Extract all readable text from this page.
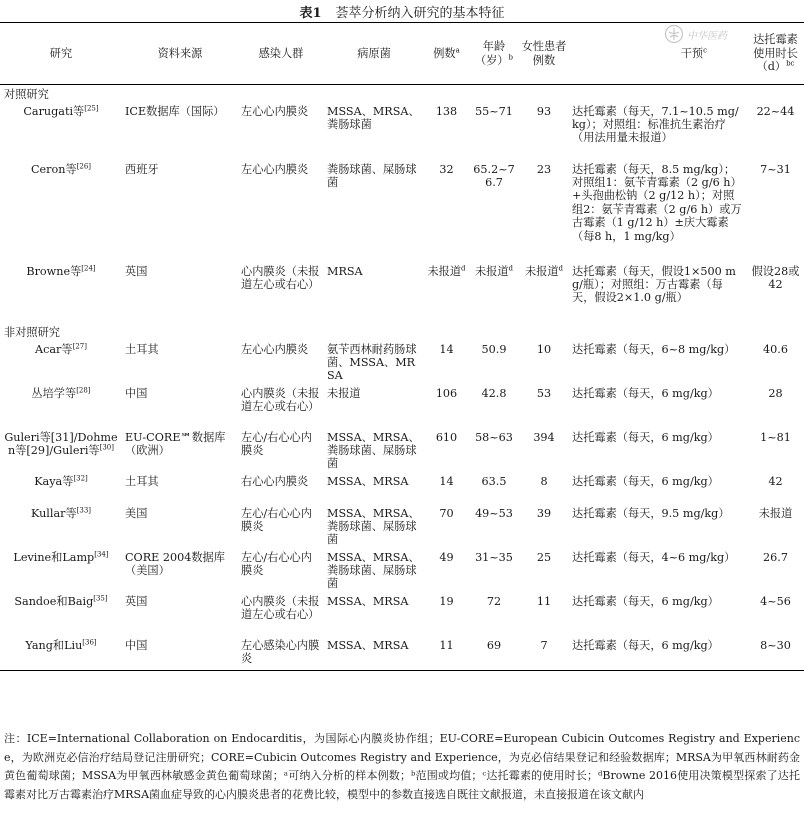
表1 荟萃分析纳入研究的基本特征
中华医药
研究	资料来源	感染人群	病原菌	例数$^a$	年龄（岁）$^b$	女性患者例数	干预$^c$	达托霉素使用时长$(d)^{bc}$
对照研究								
Carugati等[25]	ICE数据库（国际）	左心心内膜炎	MSSA、MRSA、粪肠球菌	138	55~71	93	达托霉素（每天，7.1~10.5 mg/kg）；对照组：标准抗生素治疗（用法用量未报道）	22~44
Ceron等[26]	西班牙	左心心内膜炎	粪肠球菌、屎肠球菌	32	65.2~76.7	23	达托霉素（每天，8.5 mg/kg）；对照组1：氨苄青霉素（2 g/6 h）+头孢曲松钠（2 g/12 h）；对照组2：氨苄青霉素（2 g/6 h）或万古霉素（1 g/12 h）±庆大霉素（每8 h，1 mg/kg）	7~31
Browne等[24]	英国	心内膜炎（未报道左心或右心）	MRSA	未报道$^d$	未报道$^d$	未报道$^d$	达托霉素（每天，假设1×500 mg/瓶）；对照组：万古霉素（每天，假设2×1.0 g/瓶）	假设28或42
非对照研究								
Acar等[27]	土耳其	左心心内膜炎	氨苄西林耐药肠球菌、MSSA、MRSA	14	50.9	10	达托霉素（每天，6~8 mg/kg）	40.6
丛培学等[28]	中国	心内膜炎（未报道左心或右心）	未报道	106	42.8	53	达托霉素（每天，6 mg/kg）	28
Guleri等[31]/Dohmen等[29]/Guleri等[30]	EU-CORE℠数据库（欧洲）	左心/右心心内膜炎	MSSA、MRSA、粪肠球菌、屎肠球菌	610	58~63	394	达托霉素（每天，6 mg/kg）	1~81
Kaya等[32]	土耳其	右心心内膜炎	MSSA、MRSA	14	63.5	8	达托霉素（每天，6 mg/kg）	42
Kullar等[33]	美国	左心/右心心内膜炎	MSSA、MRSA、粪肠球菌、屎肠球菌	70	49~53	39	达托霉素（每天，9.5 mg/kg）	未报道
Levine和Lamp[34]	CORE 2004数据库（美国）	左心/右心心内膜炎	MSSA、MRSA、粪肠球菌、屎肠球菌	49	31~35	25	达托霉素（每天，4~6 mg/kg）	26.7
Sandoe和Baig[35]	英国	心内膜炎（未报道左心或右心）	MSSA、MRSA	19	72	11	达托霉素（每天，6 mg/kg）	4~56
Yang和Liu[36]	中国	左心感染心内膜炎	MSSA、MRSA	11	69	7	达托霉素（每天，6 mg/kg）	8~30
注：ICE=International Collaboration on Endocarditis，为国际心内膜炎协作组；EU-CORE=European Cubicin Outcomes Registry and Experience，为欧洲克必信治疗结局登记注册研究；CORE=Cubicin Outcomes Registry and Experience，为克必信结果登记和经验数据库；MRSA为甲氧西林耐药金黄色葡萄球菌；MSSA为甲氧西林敏感金黄色葡萄球菌；ᵃ可纳入分析的样本例数；ᵇ范围或均值；ᶜ达托霉素的使用时长；ᵈBrowne 2016使用决策模型探索了达托霉素对比万古霉素治疗MRSA菌血症导致的心内膜炎患者的花费比较，模型中的参数直接选自既往文献报道，未直接报道在该文献内
